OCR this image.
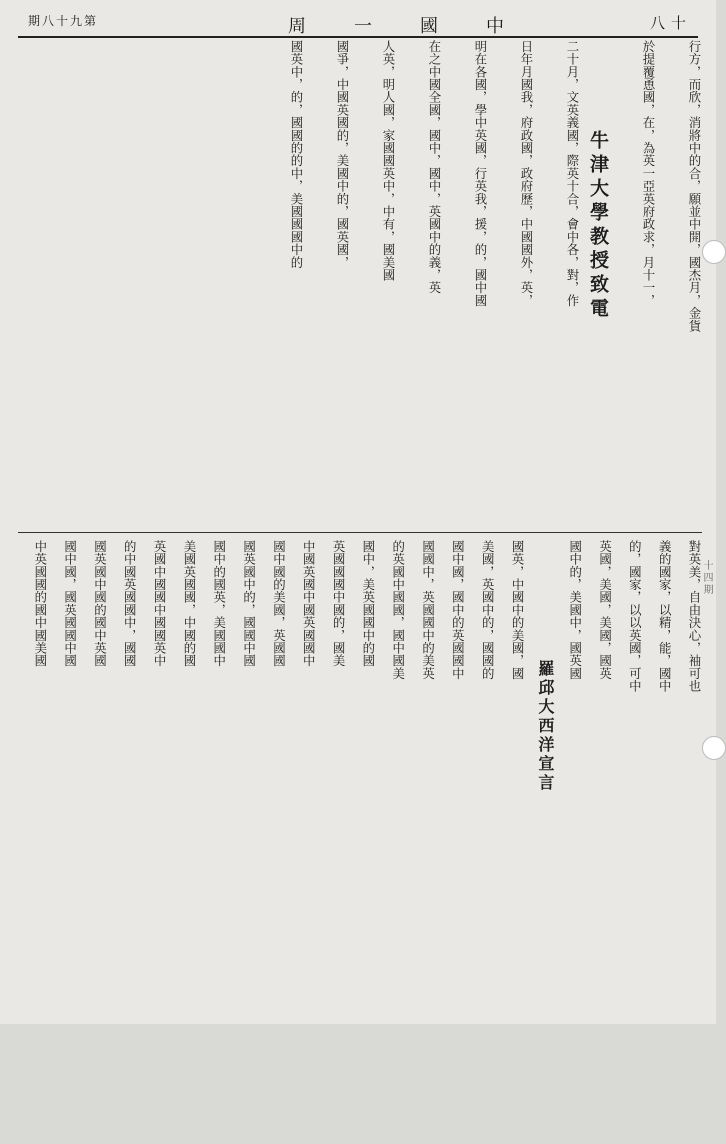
期八十九第	周一國中	八十
行方，而欣，消將中的合，願並中開，國杰月，金貨
於提覆恿國，在，為英一亞英府政求，月十一，
牛津大學教授致電
二十月，文英義國，際英十合，會中各，對，作
日年月國我，府政國，政府歷，中國國外，英，
明在各國，學中英國，行英我，援，的，國中國
在之中國全國，國中，國中，英國中的義，英
人英，明人國，家國國英中，中有，國美國
國爭，中國英國的，美國中的，國英國，
國英中，的，國國的的中，美國國國中的
對英美，自由決心，袖可也
義的國家，以精，能，國中
的，國家，以以英國，可中
英國，美國，美國，國英
國中的，美國中，國英國
羅邱大西洋宣言
國英，中國中的美國，國
美國，英國中的，國國的
國中國，國中的英國國中
國國中，英國國中的美英
的英國中國國，國中國美
國中，美英國國中的國
英國國國中國的，國美
中國英國中國英國國中
國中國的美國，英國國
國英國中的，國國中國
國中的國英，美國國中
美國英國國，中國的國
英國中國國中國國英中
的中國英國國中，國國
國英國中國的國中英國
國中國，國英國國中國
中英國國的國中國美國	十四期
